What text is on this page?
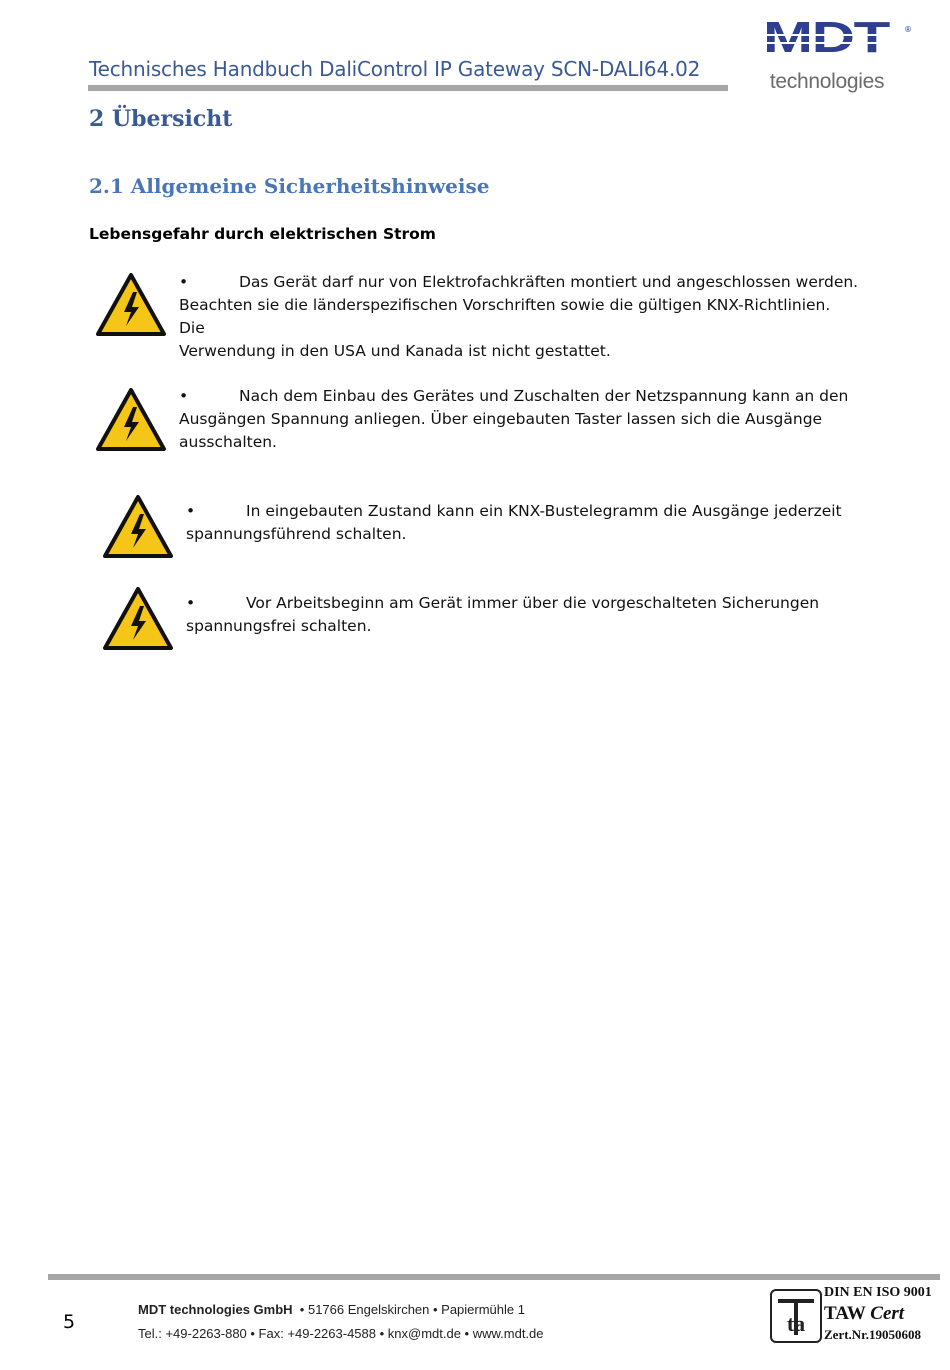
Technisches Handbuch DaliControl IP Gateway SCN-DALI64.02
®
technologies
2 Übersicht
2.1 Allgemeine Sicherheitshinweise
Lebensgefahr durch elektrischen Strom
•	Das Gerät darf nur von Elektrofachkräften montiert und angeschlossen werden.
Beachten sie die länderspezifischen Vorschriften sowie die gültigen KNX-Richtlinien. Die
Verwendung in den USA und Kanada ist nicht gestattet.
•	Nach dem Einbau des Gerätes und Zuschalten der Netzspannung kann an den
Ausgängen Spannung anliegen. Über eingebauten Taster lassen sich die Ausgänge
ausschalten.
•	In eingebauten Zustand kann ein KNX-Bustelegramm die Ausgänge jederzeit
spannungsführend schalten.
•	Vor Arbeitsbeginn am Gerät immer über die vorgeschalteten Sicherungen
spannungsfrei schalten.
5
MDT technologies GmbH • 51766 Engelskirchen • Papiermühle 1
Tel.: +49-2263-880 • Fax: +49-2263-4588 • knx@mdt.de • www.mdt.de	ta
DIN EN ISO 9001
TAW Cert
Zert.Nr.19050608
